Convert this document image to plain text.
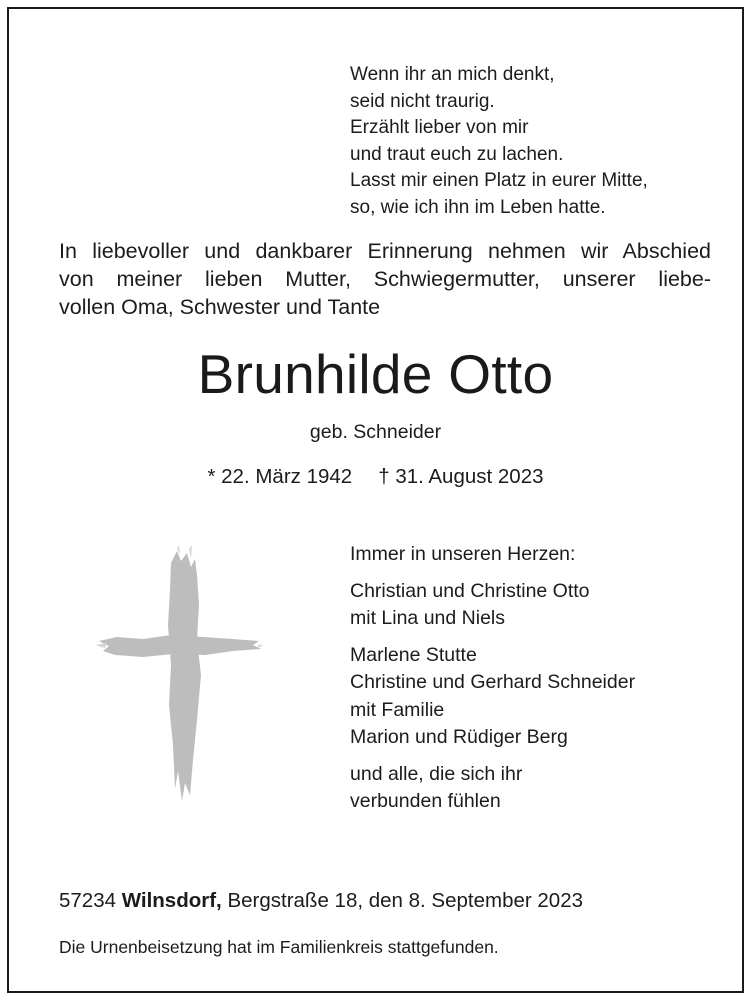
Wenn ihr an mich denkt,
seid nicht traurig.
Erzählt lieber von mir
und traut euch zu lachen.
Lasst mir einen Platz in eurer Mitte,
so, wie ich ihn im Leben hatte.
In liebevoller und dankbarer Erinnerung nehmen wir Abschied
von meiner lieben Mutter, Schwiegermutter, unserer liebe-
vollen Oma, Schwester und Tante
Brunhilde Otto
geb. Schneider
* 22. März 1942 † 31. August 2023
Immer in unseren Herzen:
Christian und Christine Otto
mit Lina und Niels
Marlene Stutte
Christine und Gerhard Schneider
mit Familie
Marion und Rüdiger Berg
und alle, die sich ihr
verbunden fühlen
57234 Wilnsdorf, Bergstraße 18, den 8. September 2023
Die Urnenbeisetzung hat im Familienkreis stattgefunden.
